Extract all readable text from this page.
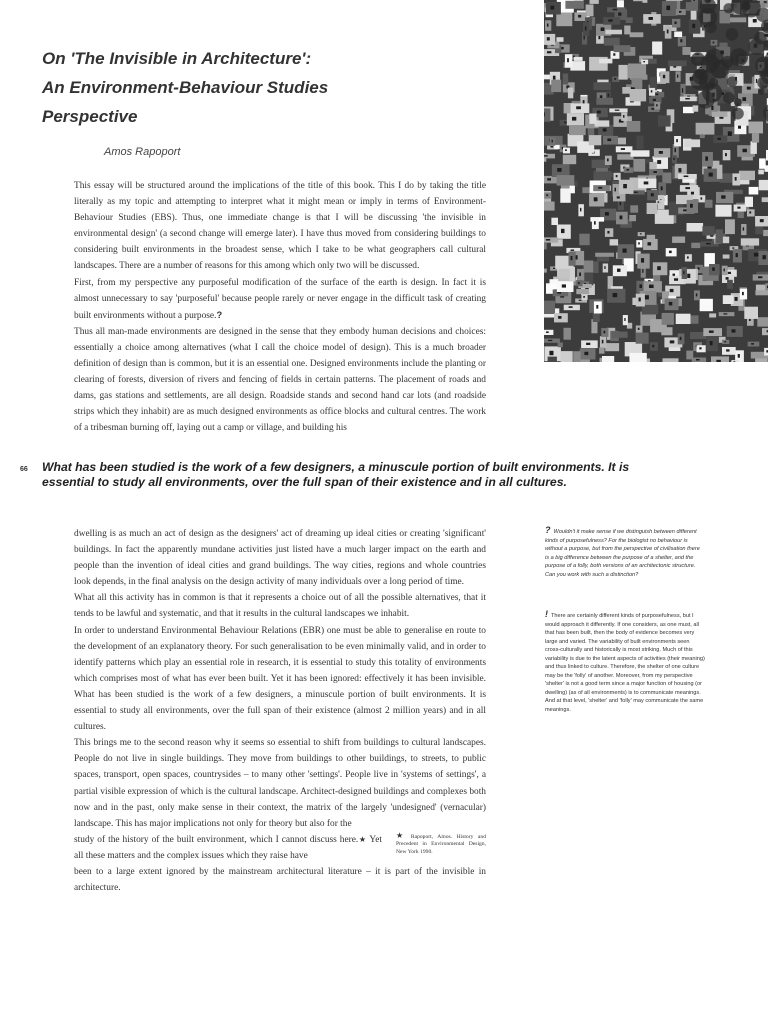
On 'The Invisible in Architecture':
An Environment-Behaviour Studies
Perspective
Amos Rapoport

This essay will be structured around the implications of the title of this book. This I do by taking the title literally as my topic and attempting to interpret what it might mean or imply in terms of Environment-Behaviour Studies (EBS). Thus, one immediate change is that I will be discussing 'the invisible in environmental design' (a second change will emerge later). I have thus moved from considering buildings to considering built environments in the broadest sense, which I take to be what geographers call cultural landscapes. There are a number of reasons for this among which only two will be discussed.

First, from my perspective any purposeful modification of the surface of the earth is design. In fact it is almost unnecessary to say 'purposeful' because people rarely or never engage in the difficult task of creating built environments without a purpose.?

Thus all man-made environments are designed in the sense that they embody human decisions and choices: essentially a choice among alternatives (what I call the choice model of design). This is a much broader definition of design than is common, but it is an essential one. Designed environments include the planting or clearing of forests, diversion of rivers and fencing of fields in certain patterns. The placement of roads and dams, gas stations and settlements, are all design. Roadside stands and second hand car lots (and roadside strips which they inhabit) are as much designed environments as office blocks and cultural centres. The work of a tribesman burning off, laying out a camp or village, and building his

66 What has been studied is the work of a few designers, a minuscule portion of built environments. It is essential to study all environments, over the full span of their existence and in all cultures.

dwelling is as much an act of design as the designers' act of dreaming up ideal cities or creating 'significant' buildings. In fact the apparently mundane activities just listed have a much larger impact on the earth and people than the invention of ideal cities and grand buildings. The way cities, regions and whole countries look depends, in the final analysis on the design activity of many individuals over a long period of time.

What all this activity has in common is that it represents a choice out of all the possible alternatives, that it tends to be lawful and systematic, and that it results in the cultural landscapes we inhabit.

In order to understand Environmental Behaviour Relations (EBR) one must be able to generalise en route to the development of an explanatory theory. For such generalisation to be even minimally valid, and in order to identify patterns which play an essential role in research, it is essential to study this totality of environments which comprises most of what has ever been built. Yet it has been ignored: effectively it has been invisible. What has been studied is the work of a few designers, a minuscule portion of built environments. It is essential to study all environments, over the full span of their existence (almost 2 million years) and in all cultures.

This brings me to the second reason why it seems so essential to shift from buildings to cultural landscapes. People do not live in single buildings. They move from buildings to other buildings, to streets, to public spaces, transport, open spaces, countrysides – to many other 'settings'. People live in 'systems of settings', a partial visible expression of which is the cultural landscape. Architect-designed buildings and complexes both now and in the past, only make sense in their context, the matrix of the largely 'undesigned' (vernacular) landscape. This has major implications not only for theory but also for the

study of the history of the built environment, which I cannot discuss here.★ Yet all these matters and the complex issues which they raise have
★ Rapoport, Amos. History and Precedent in Environmental Design, New York 1990.

been to a large extent ignored by the mainstream architectural literature – it is part of the invisible in architecture.

? Wouldn't it make sense if we distinguish between different kinds of purposefulness? For the biologist no behaviour is without a purpose, but from the perspective of civilisation there is a big difference between the purpose of a shelter, and the purpose of a folly, both versions of an architectonic structure. Can you work with such a distinction?
! There are certainly different kinds of purposefulness, but I would approach it differently. If one considers, as one must, all that has been built, then the body of evidence becomes very large and varied. The variability of built environments seen cross-culturally and historically is most striking. Much of this variability is due to the latent aspects of activities (their meaning) and thus linked to culture. Therefore, the shelter of one culture may be the 'folly' of another. Moreover, from my perspective 'shelter' is not a good term since a major function of housing (or dwelling) (as of all environments) is to communicate meanings. And at that level, 'shelter' and 'folly' may communicate the same meanings.
